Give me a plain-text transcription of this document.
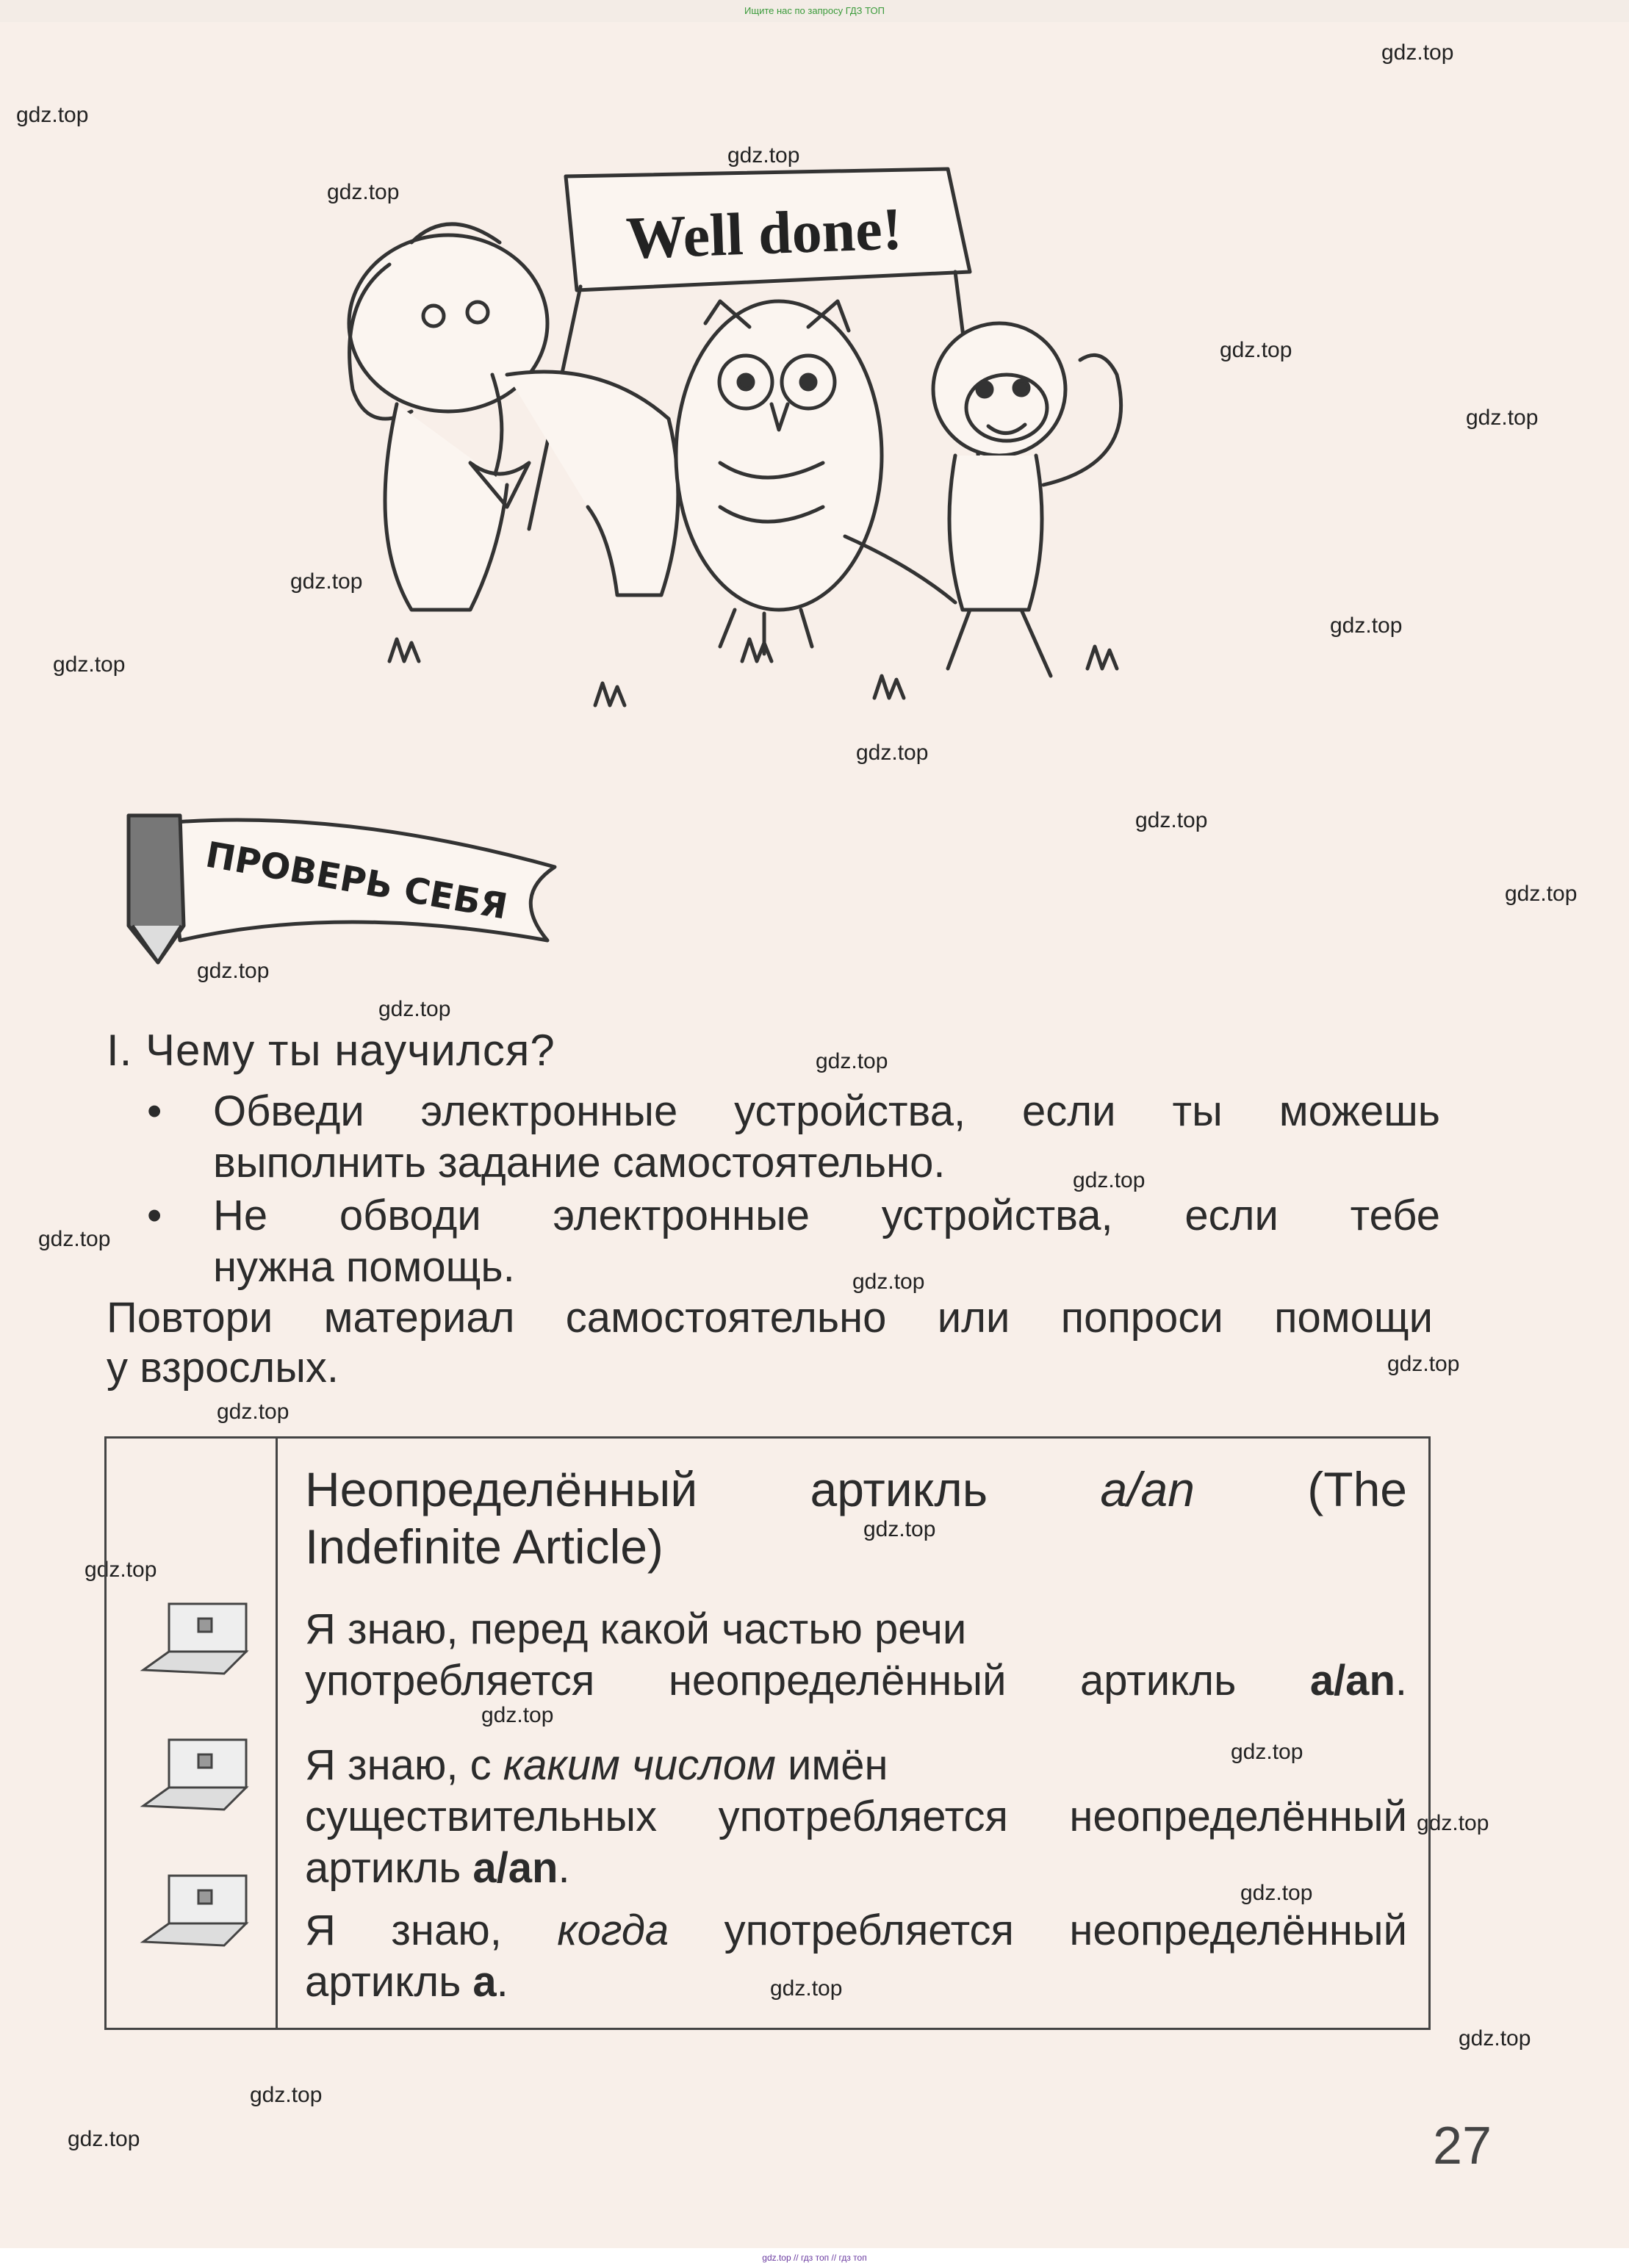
Ищите нас по запросу ГДЗ ТОП
gdz.top
gdz.top
gdz.top
gdz.top
gdz.top
gdz.top
gdz.top
gdz.top
gdz.top
gdz.top
gdz.top
gdz.top
gdz.top
gdz.top
gdz.top
gdz.top
gdz.top
gdz.top
gdz.top
gdz.top
gdz.top
gdz.top
gdz.top
gdz.top
gdz.top
gdz.top
gdz.top
gdz.top
gdz.top
gdz.top
Well done!
ПРОВЕРЬ СЕБЯ
I. Чему ты научился?
• Обведи электронные устройства, если ты можешь
выполнить задание самостоятельно.
• Не обводи электронные устройства, если тебе
нужна помощь.
Повтори материал самостоятельно или попроси помощи
у взрослых.
Неопределённый артикль a/an (The
Indefinite Article)
Я знаю, перед какой частью речи
употребляется неопределённый артикль a/an.
Я знаю, с каким числом имён
существительных употребляется неопределённый
артикль a/an.
Я знаю, когда употребляется неопределённый
артикль a.
27
gdz.top // гдз топ // гдз топ
